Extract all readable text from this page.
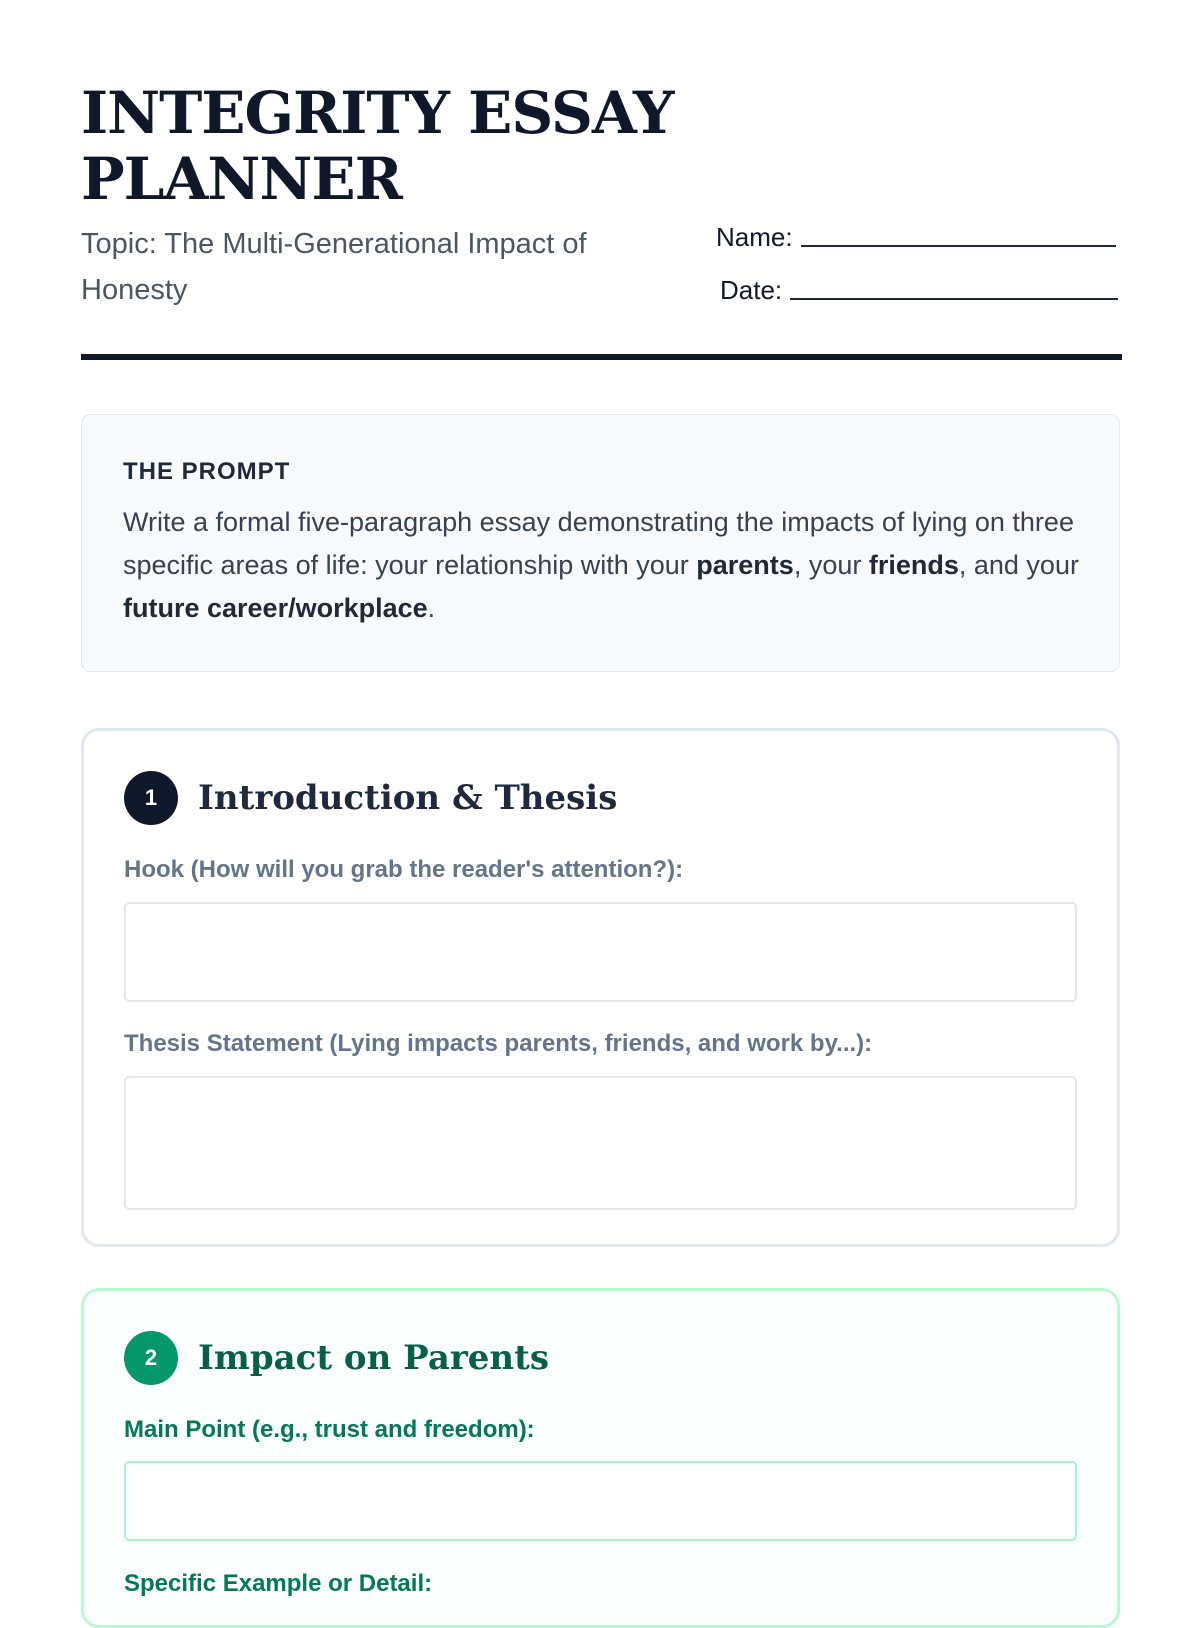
INTEGRITY ESSAY PLANNER

Topic: The Multi-Generational Impact of Honesty

Name:
Date:

THE PROMPT

Write a formal five-paragraph essay demonstrating the impacts of lying on three specific areas of life: your relationship with your parents, your friends, and your future career/workplace.

1	Introduction & Thesis
Hook (How will you grab the reader's attention?):
Thesis Statement (Lying impacts parents, friends, and work by...):
2	Impact on Parents
Main Point (e.g., trust and freedom):
Specific Example or Detail:
